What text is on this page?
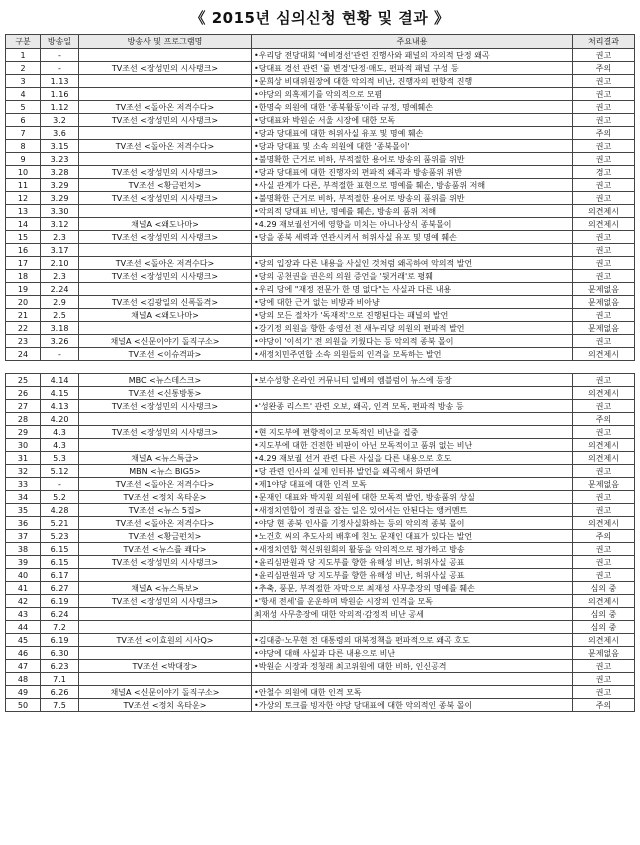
《 2015년 심의신청 현황 및 결과 》
구분	방송일	방송사 및 프로그램명	주요내용	처리결과
1	-		•우리당 전당대회 '예비경선'관련 진행사와 패널의 자의적 단정 왜곡	권고
2	-	TV조선 <장성민의 시사탱크>	•당대표 경선 관련 '룰 변경'단정·매도, 편파적 패널 구성 등	주의
3	1.13		•문희상 비대위원장에 대한 악의적 비난, 진행자의 편향적 진행	권고
4	1.16		•야당의 의혹제기를 악의적으로 모폄	권고
5	1.12	TV조선 <돌아온 저격수다>	•한명숙 의원에 대한 '종북활동'이라 규정, 명예훼손	권고
6	3.2	TV조선 <장성민의 시사탱크>	•당대표와 박원순 서울 시장에 대한 모독	권고
7	3.6		•당과 당대표에 대한 허위사실 유포 및 명예 훼손	주의
8	3.15	TV조선 <돌아온 저격수다>	•당과 당대표 및 소속 의원에 대한 '종북몰이'	권고
9	3.23		•불명확한 근거로 비하, 부적절한 용어로 방송의 품위를 위반	권고
10	3.28	TV조선 <장성민의 시사탱크>	•당과 당대표에 대한 진행자의 편파적 왜곡과 방송품위 위반	경고
11	3.29	TV조선 <황금펀치>	•사실 관계가 다른, 부적절한 표현으로 명예를 훼손, 방송품위 저해	권고
12	3.29	TV조선 <장성민의 시사탱크>	•불명확한 근거로 비하, 부적절한 용어로 방송의 품위를 위반	권고
13	3.30		•악의적 당대표 비난, 명예를 훼손, 방송의 품위 저해	의견제시
14	3.12	채널A <왜도나마>	•4.29 재보궐선거에 영향을 미치는 아니나상식 종북몰이	의견제시
15	2.3	TV조선 <장성민의 시사탱크>	•당을 종북 세력과 연관시켜서 허위사실 유포 및 명예 훼손	권고
16	3.17			권고
17	2.10	TV조선 <돌아온 저격수다>	•당의 입장과 다른 내용을 사실인 것처럼 왜곡하여 악의적 발언	권고
18	2.3	TV조선 <장성민의 시사탱크>	•당의 공천권을 권은의 의원 증언을 '뒷거래'로 평훼	권고
19	2.24		•우리 당에 "재정 전문가 한 명 없다"는 사실과 다른 내용	문제없음
20	2.9	TV조선 <김광일의 신폭돌격>	•당에 대한 근거 없는 비방과 비아냥	문제없음
21	2.5	채널A <왜도나마>	•당의 모든 절차가 '독재적'으로 진행된다는 패널의 발언	권고
22	3.18		•강기정 의원을 향한 송영선 전 새누리당 의원의 편파적 발언	문제없음
23	3.26	채널A <신문이야기 돌직구소>	•야당이 '이석기' 전 의원을 키웠다는 등 악의적 종북 몰이	권고
24	-	TV조선 <이슈격파>	•새정치민주연합 소속 의원들의 인격을 모독하는 발언	의견제시
25	4.14	MBC <뉴스데스크>	•보수성향 온라인 커뮤니티 일베의 엠블럼이 뉴스에 등장	권고
26	4.15	TV조선 <신통방통>		의견제시
27	4.13	TV조선 <장성민의 시사탱크>	•'성완종 리스트' 관련 오보, 왜곡, 인격 모독, 편파적 방송 등	권고
28	4.20			주의
29	4.3	TV조선 <장성민의 시사탱크>	•현 지도부에 편향적이고 모독적인 비난을 집중	권고
30	4.3		•지도부에 대한 건전한 비판이 아닌 모독적이고 품위 없는 비난	의견제시
31	5.3	채널A <뉴스특급>	•4.29 재보궐 선거 관련 다른 사실을 다른 내용으로 호도	의견제시
32	5.12	MBN <뉴스 BIG5>	•당 관련 인사의 실제 인터뷰 발언을 왜곡해서 화면에	권고
33	-	TV조선 <돌아온 저격수다>	•제1야당 대표에 대한 인격 모독	문제없음
34	5.2	TV조선 <정치 옥타운>	•문재인 대표와 박지원 의원에 대한 모독적 발언, 방송품위 상실	권고
35	4.28	TV조선 <뉴스 5집>	•새정치연합이 정권을 잡는 일은 있어서는 안된다는 앵커멘트	권고
36	5.21	TV조선 <돌아온 저격수다>	•야당 현 종북 인사를 기정사실화하는 등의 악의적 종북 몰이	의견제시
37	5.23	TV조선 <황금펀치>	•노건호 씨의 추도사의 배후에 친노 문재인 대표가 있다는 발언	주의
38	6.15	TV조선 <뉴스를 쾌다>	•새정치연합 혁신위원회의 활동을 악의적으로 평가하고 방송	권고
39	6.15	TV조선 <장성민의 시사탱크>	•윤리심판원과 당 지도부를 향한 유해성 비난, 허위사실 공표	권고
40	6.17		•윤리심판원과 당 지도부를 향한 유해성 비난, 허위사실 공표	권고
41	6.27	채널A <뉴스특보>	•추축, 풍문, 부적절한 자막으로 최재성 사무총장의 명예를 훼손	심의 중
42	6.19	TV조선 <장성민의 시사탱크>	•'항새 전세'를 운운하며 박원순 시장의 인격을 모독	의견제시
43	6.24		최재성 사무총장에 대한 악의적·감정적 비난 공세	심의 중
44	7.2			심의 중
45	6.19	TV조선 <이효원의 시사Q>	•김대중·노무현 전 대통령의 대북정책을 편파적으로 왜곡 호도	의견제시
46	6.30		•야당에 대해 사실과 다른 내용으로 비난	문제없음
47	6.23	TV조선 <박대장>	•박원순 시장과 정청래 최고위원에 대한 비하, 인신공격	권고
48	7.1			권고
49	6.26	채널A <신문이야기 돌직구소>	•안철수 의원에 대한 인격 모독	권고
50	7.5	TV조선 <정치 옥타운>	•가상의 토크를 빙자한 야당 당대표에 대한 악의적인 종북 몰이	주의
